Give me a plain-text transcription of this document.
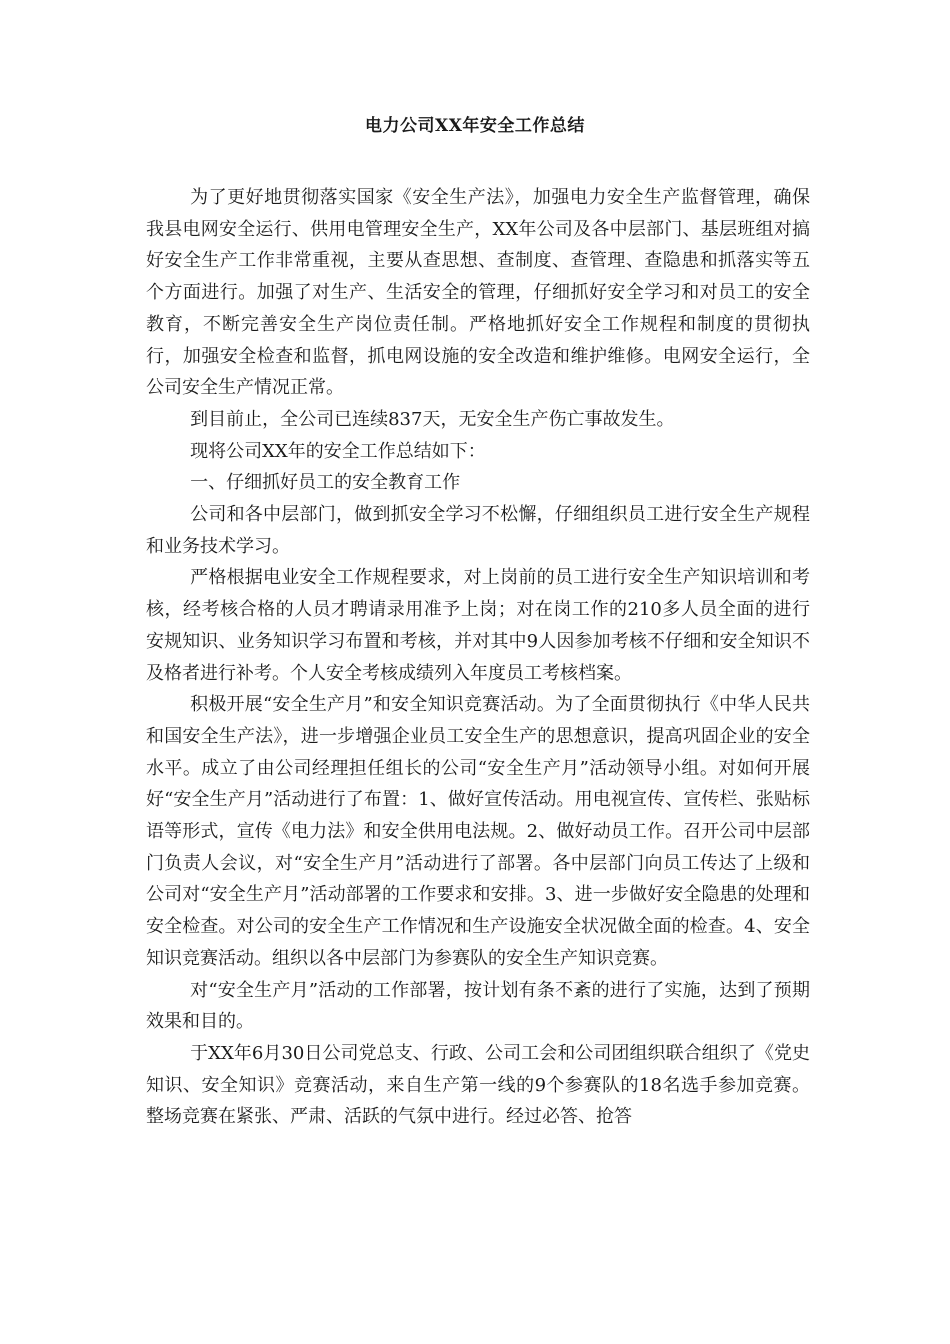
电力公司XX年安全工作总结

为了更好地贯彻落实国家《安全生产法》，加强电力安全生产监督管理，确保我县电网安全运行、供用电管理安全生产，XX年公司及各中层部门、基层班组对搞好安全生产工作非常重视，主要从查思想、查制度、查管理、查隐患和抓落实等五个方面进行。加强了对生产、生活安全的管理，仔细抓好安全学习和对员工的安全教育，不断完善安全生产岗位责任制。严格地抓好安全工作规程和制度的贯彻执行，加强安全检查和监督，抓电网设施的安全改造和维护维修。电网安全运行，全公司安全生产情况正常。

到目前止，全公司已连续837天，无安全生产伤亡事故发生。

现将公司XX年的安全工作总结如下：

一、仔细抓好员工的安全教育工作

公司和各中层部门，做到抓安全学习不松懈，仔细组织员工进行安全生产规程和业务技术学习。

严格根据电业安全工作规程要求，对上岗前的员工进行安全生产知识培训和考核，经考核合格的人员才聘请录用准予上岗；对在岗工作的210多人员全面的进行安规知识、业务知识学习布置和考核，并对其中9人因参加考核不仔细和安全知识不及格者进行补考。个人安全考核成绩列入年度员工考核档案。

积极开展“安全生产月”和安全知识竞赛活动。为了全面贯彻执行《中华人民共和国安全生产法》，进一步增强企业员工安全生产的思想意识，提高巩固企业的安全水平。成立了由公司经理担任组长的公司“安全生产月”活动领导小组。对如何开展好“安全生产月”活动进行了布置：1、做好宣传活动。用电视宣传、宣传栏、张贴标语等形式，宣传《电力法》和安全供用电法规。2、做好动员工作。召开公司中层部门负责人会议，对“安全生产月”活动进行了部署。各中层部门向员工传达了上级和公司对“安全生产月”活动部署的工作要求和安排。3、进一步做好安全隐患的处理和安全检查。对公司的安全生产工作情况和生产设施安全状况做全面的检查。4、安全知识竞赛活动。组织以各中层部门为参赛队的安全生产知识竞赛。

对“安全生产月”活动的工作部署，按计划有条不紊的进行了实施，达到了预期效果和目的。

于XX年6月30日公司党总支、行政、公司工会和公司团组织联合组织了《党史知识、安全知识》竞赛活动，来自生产第一线的9个参赛队的18名选手参加竞赛。整场竞赛在紧张、严肃、活跃的气氛中进行。经过必答、抢答
